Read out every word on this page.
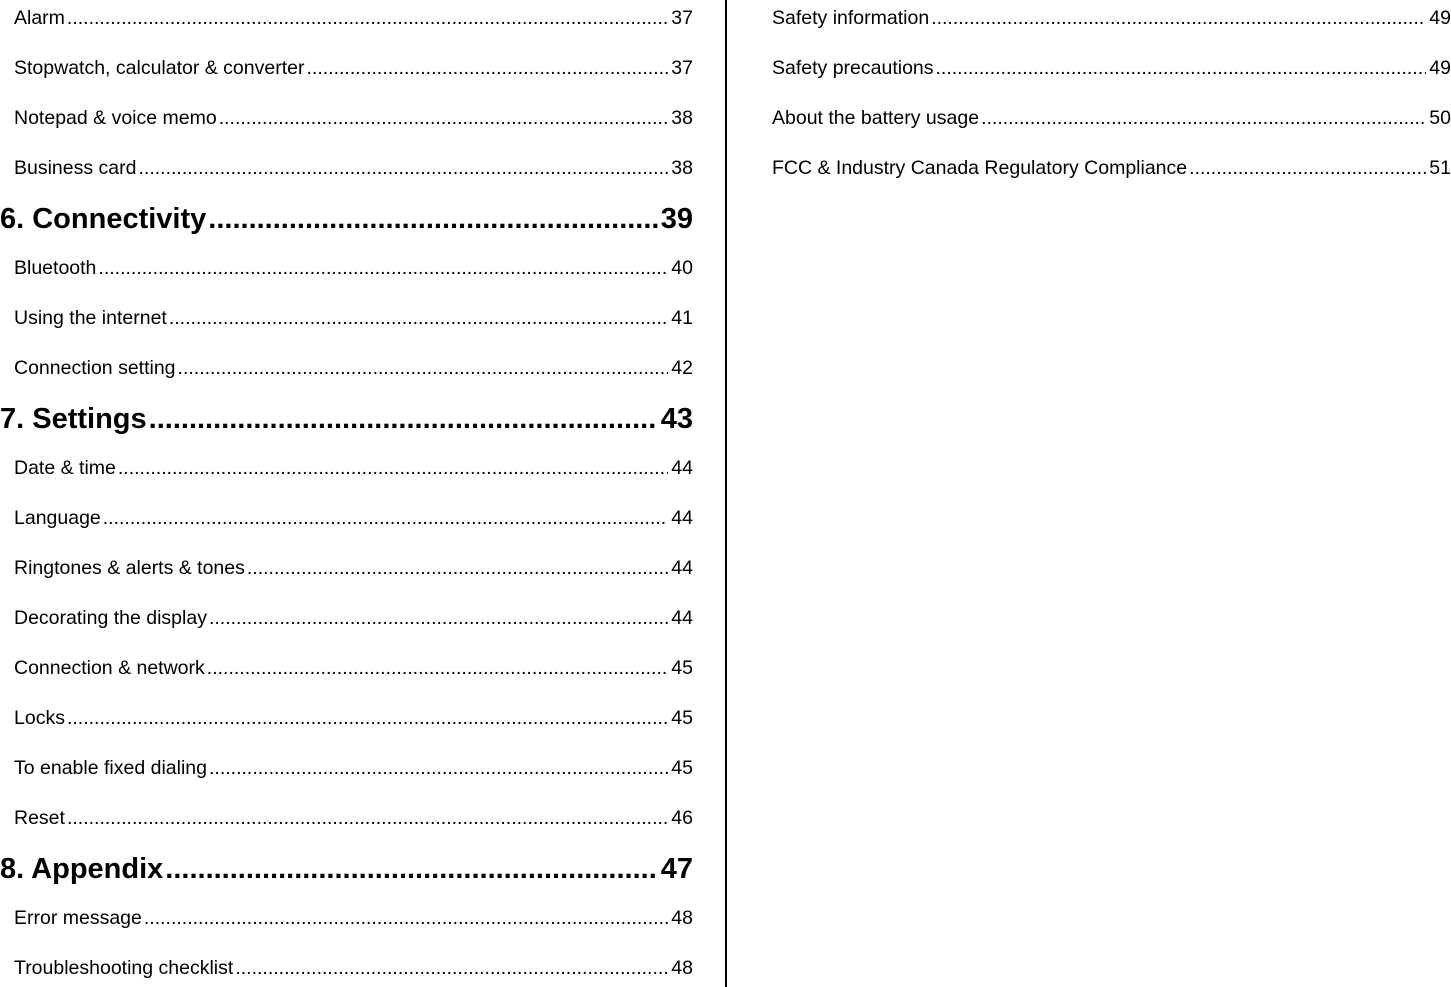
Alarm .....	37
Stopwatch, calculator & converter .....	37
Notepad & voice memo .....	38
Business card .....	38
6. Connectivity .....	39
Bluetooth .....	40
Using the internet .....	41
Connection setting .....	42
7. Settings .....	43
Date & time .....	44
Language .....	44
Ringtones & alerts & tones .....	44
Decorating the display .....	44
Connection & network .....	45
Locks .....	45
To enable fixed dialing .....	45
Reset .....	46
8. Appendix .....	47
Error message .....	48
Troubleshooting checklist .....	48
Safety information .....	49
Safety precautions .....	49
About the battery usage .....	50
FCC & Industry Canada Regulatory Compliance .....	51
